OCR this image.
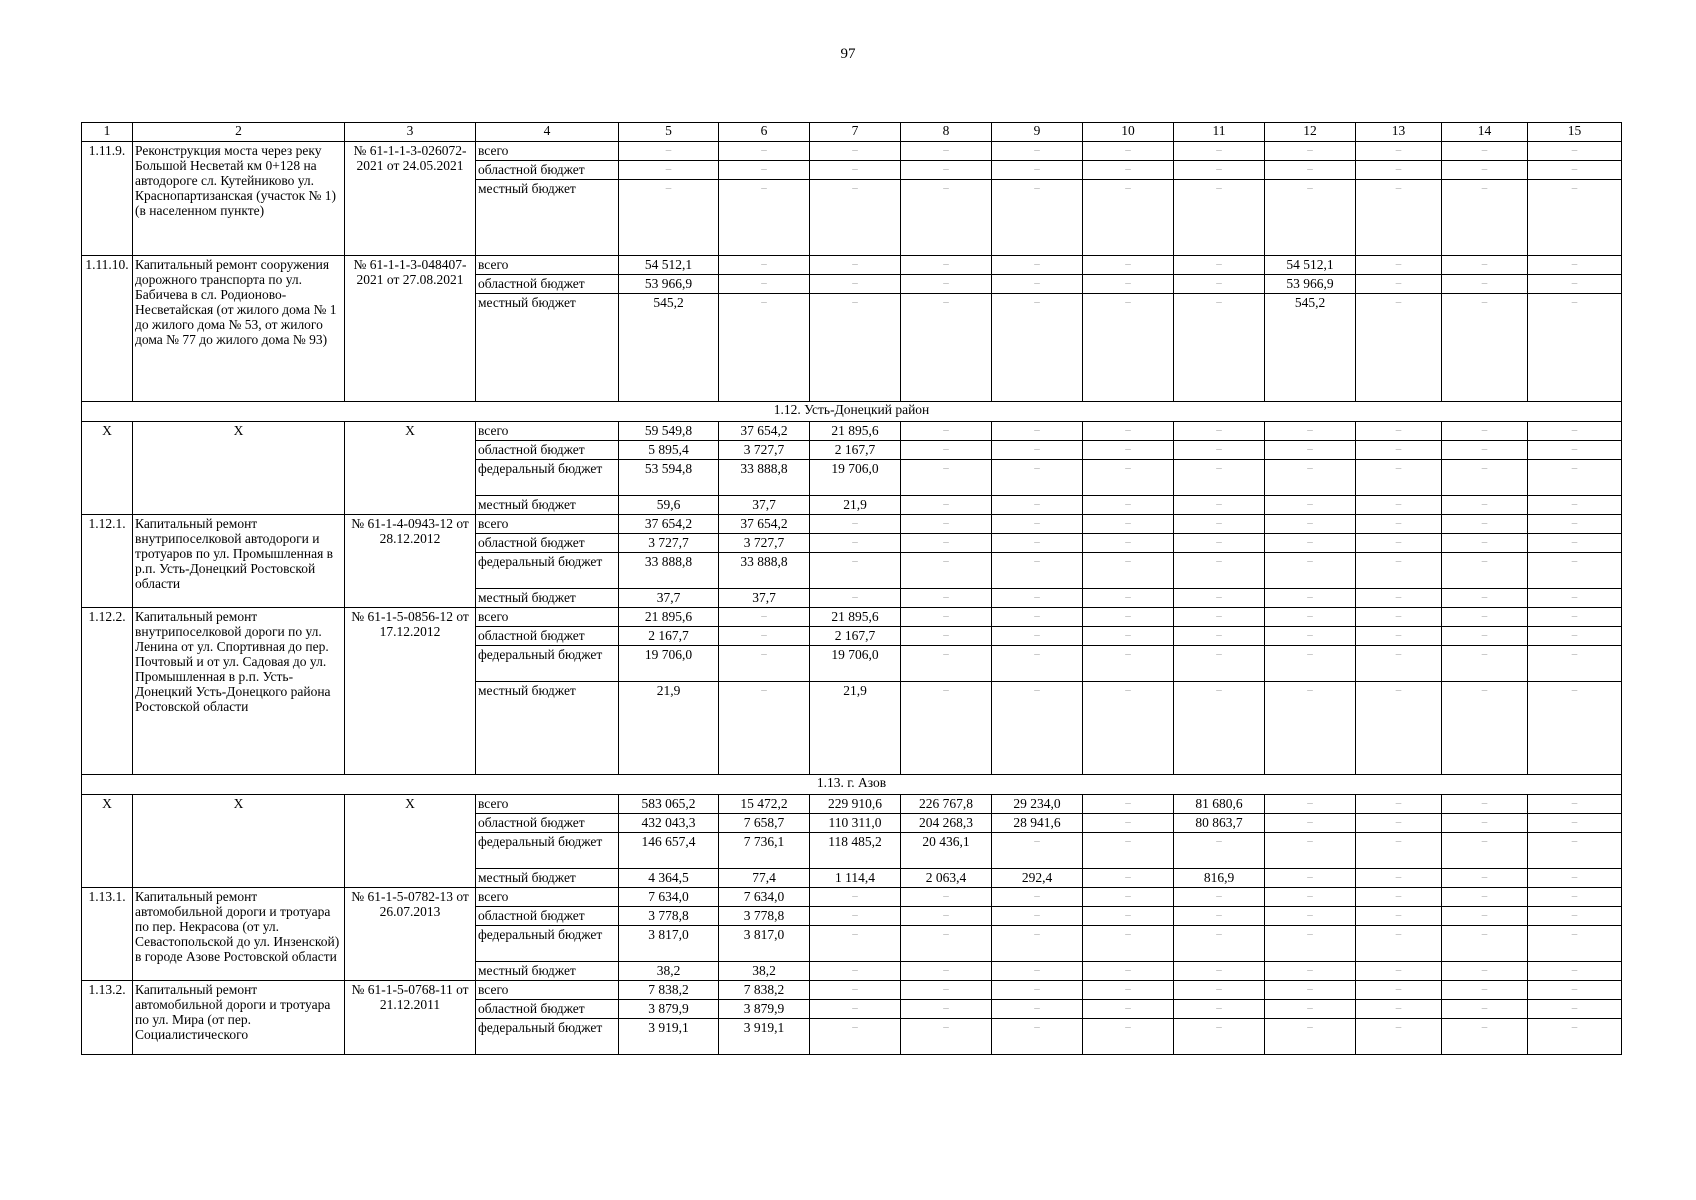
97
1	2	3	4	5	6	7	8	9	10	11	12	13	14	15
1.11.9.	Реконструкция моста через реку Большой Несветай км 0+128 на автодороге сл. Кутейниково ул. Краснопартизанская (участок № 1) (в населенном пункте)	№ 61-1-1-3-026072-2021 от 24.05.2021	всего	–	–	–	–	–	–	–	–	–	–	–
			областной бюджет	–	–	–	–	–	–	–	–	–	–	–
			местный бюджет	–	–	–	–	–	–	–	–	–	–	–
1.11.10.	Капитальный ремонт сооружения дорожного транспорта по ул. Бабичева в сл. Родионово-Несветайская (от жилого дома № 1 до жилого дома № 53, от жилого дома № 77 до жилого дома № 93)	№ 61-1-1-3-048407-2021 от 27.08.2021	всего	54 512,1	–	–	–	–	–	–	54 512,1	–	–	–
			областной бюджет	53 966,9	–	–	–	–	–	–	53 966,9	–	–	–
			местный бюджет	545,2	–	–	–	–	–	–	545,2	–	–	–
1.12. Усть-Донецкий район														
Х	Х	Х	всего	59 549,8	37 654,2	21 895,6	–	–	–	–	–	–	–	–
			областной бюджет	5 895,4	3 727,7	2 167,7	–	–	–	–	–	–	–	–
			федеральный бюджет	53 594,8	33 888,8	19 706,0	–	–	–	–	–	–	–	–
			местный бюджет	59,6	37,7	21,9	–	–	–	–	–	–	–	–
1.12.1.	Капитальный ремонт внутрипоселковой автодороги и тротуаров по ул. Промышленная в р.п. Усть-Донецкий Ростовской области	№ 61-1-4-0943-12 от 28.12.2012	всего	37 654,2	37 654,2	–	–	–	–	–	–	–	–	–
			областной бюджет	3 727,7	3 727,7	–	–	–	–	–	–	–	–	–
			федеральный бюджет	33 888,8	33 888,8	–	–	–	–	–	–	–	–	–
			местный бюджет	37,7	37,7	–	–	–	–	–	–	–	–	–
1.12.2.	Капитальный ремонт внутрипоселковой дороги по ул. Ленина от ул. Спортивная до пер. Почтовый и от ул. Садовая до ул. Промышленная в р.п. Усть-Донецкий Усть-Донецкого района Ростовской области	№ 61-1-5-0856-12 от 17.12.2012	всего	21 895,6	–	21 895,6	–	–	–	–	–	–	–	–
			областной бюджет	2 167,7	–	2 167,7	–	–	–	–	–	–	–	–
			федеральный бюджет	19 706,0	–	19 706,0	–	–	–	–	–	–	–	–
			местный бюджет	21,9	–	21,9	–	–	–	–	–	–	–	–
1.13. г. Азов														
Х	Х	Х	всего	583 065,2	15 472,2	229 910,6	226 767,8	29 234,0	–	81 680,6	–	–	–	–
			областной бюджет	432 043,3	7 658,7	110 311,0	204 268,3	28 941,6	–	80 863,7	–	–	–	–
			федеральный бюджет	146 657,4	7 736,1	118 485,2	20 436,1	–	–	–	–	–	–	–
			местный бюджет	4 364,5	77,4	1 114,4	2 063,4	292,4	–	816,9	–	–	–	–
1.13.1.	Капитальный ремонт автомобильной дороги и тротуара по пер. Некрасова (от ул. Севастопольской до ул. Инзенской) в городе Азове Ростовской области	№ 61-1-5-0782-13 от 26.07.2013	всего	7 634,0	7 634,0	–	–	–	–	–	–	–	–	–
			областной бюджет	3 778,8	3 778,8	–	–	–	–	–	–	–	–	–
			федеральный бюджет	3 817,0	3 817,0	–	–	–	–	–	–	–	–	–
			местный бюджет	38,2	38,2	–	–	–	–	–	–	–	–	–
1.13.2.	Капитальный ремонт автомобильной дороги и тротуара по ул. Мира (от пер. Социалистического	№ 61-1-5-0768-11 от 21.12.2011	всего	7 838,2	7 838,2	–	–	–	–	–	–	–	–	–
			областной бюджет	3 879,9	3 879,9	–	–	–	–	–	–	–	–	–
			федеральный бюджет	3 919,1	3 919,1	–	–	–	–	–	–	–	–	–
